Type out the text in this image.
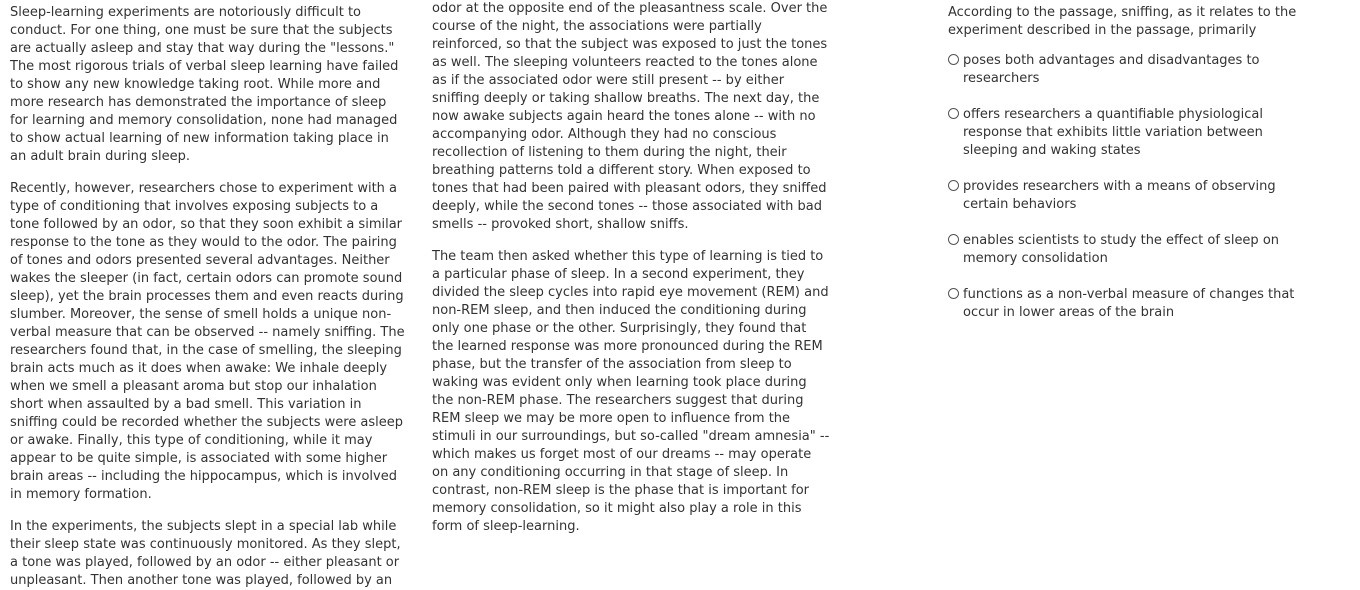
Sleep-learning experiments are notoriously difficult to conduct. For one thing, one must be sure that the subjects are actually asleep and stay that way during the "lessons." The most rigorous trials of verbal sleep learning have failed to show any new knowledge taking root. While more and more research has demonstrated the importance of sleep for learning and memory consolidation, none had managed to show actual learning of new information taking place in an adult brain during sleep.

Recently, however, researchers chose to experiment with a type of conditioning that involves exposing subjects to a tone followed by an odor, so that they soon exhibit a similar response to the tone as they would to the odor. The pairing of tones and odors presented several advantages. Neither wakes the sleeper (in fact, certain odors can promote sound sleep), yet the brain processes them and even reacts during slumber. Moreover, the sense of smell holds a unique non-verbal measure that can be observed -- namely sniffing. The researchers found that, in the case of smelling, the sleeping brain acts much as it does when awake: We inhale deeply when we smell a pleasant aroma but stop our inhalation short when assaulted by a bad smell. This variation in sniffing could be recorded whether the subjects were asleep or awake. Finally, this type of conditioning, while it may appear to be quite simple, is associated with some higher brain areas -- including the hippocampus, which is involved in memory formation.

In the experiments, the subjects slept in a special lab while their sleep state was continuously monitored. As they slept, a tone was played, followed by an odor -- either pleasant or unpleasant. Then another tone was played, followed by an odor at the opposite end of the pleasantness scale. Over the course of the night, the associations were partially reinforced, so that the subject was exposed to just the tones as well. The sleeping volunteers reacted to the tones alone as if the associated odor were still present -- by either sniffing deeply or taking shallow breaths. The next day, the now awake subjects again heard the tones alone -- with no accompanying odor. Although they had no conscious recollection of listening to them during the night, their breathing patterns told a different story. When exposed to tones that had been paired with pleasant odors, they sniffed deeply, while the second tones -- those associated with bad smells -- provoked short, shallow sniffs.

The team then asked whether this type of learning is tied to a particular phase of sleep. In a second experiment, they divided the sleep cycles into rapid eye movement (REM) and non-REM sleep, and then induced the conditioning during only one phase or the other. Surprisingly, they found that the learned response was more pronounced during the REM phase, but the transfer of the association from sleep to waking was evident only when learning took place during the non-REM phase. The researchers suggest that during REM sleep we may be more open to influence from the stimuli in our surroundings, but so-called "dream amnesia" -- which makes us forget most of our dreams -- may operate on any conditioning occurring in that stage of sleep. In contrast, non-REM sleep is the phase that is important for memory consolidation, so it might also play a role in this form of sleep-learning.

According to the passage, sniffing, as it relates to the experiment described in the passage, primarily
poses both advantages and disadvantages to researchers
offers researchers a quantifiable physiological response that exhibits little variation between sleeping and waking states
provides researchers with a means of observing certain behaviors
enables scientists to study the effect of sleep on memory consolidation
functions as a non-verbal measure of changes that occur in lower areas of the brain
